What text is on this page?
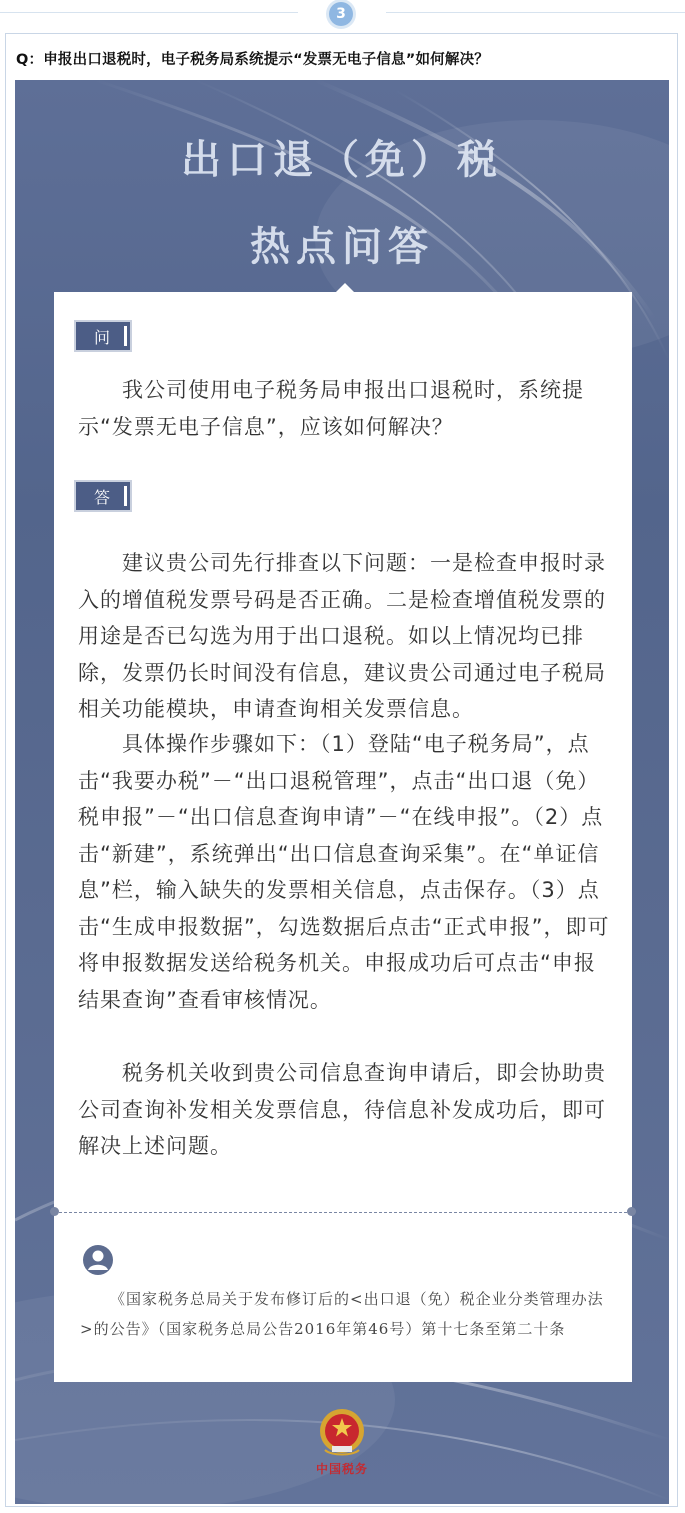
3
Q：申报出口退税时，电子税务局系统提示“发票无电子信息”如何解决？
出口退（免）税
热点问答
问
我公司使用电子税务局申报出口退税时，系统提示“发票无电子信息”，应该如何解决？
答
建议贵公司先行排查以下问题：一是检查申报时录入的增值税发票号码是否正确。二是检查增值税发票的用途是否已勾选为用于出口退税。如以上情况均已排除，发票仍长时间没有信息，建议贵公司通过电子税局相关功能模块，申请查询相关发票信息。
具体操作步骤如下：（1）登陆“电子税务局”，点击“我要办税”－“出口退税管理”，点击“出口退（免）税申报”－“出口信息查询申请”－“在线申报”。（2）点击“新建”，系统弹出“出口信息查询采集”。在“单证信息”栏，输入缺失的发票相关信息，点击保存。（3）点击“生成申报数据”，勾选数据后点击“正式申报”，即可将申报数据发送给税务机关。申报成功后可点击“申报结果查询”查看审核情况。
税务机关收到贵公司信息查询申请后，即会协助贵公司查询补发相关发票信息，待信息补发成功后，即可解决上述问题。
《国家税务总局关于发布修订后的<出口退（免）税企业分类管理办法>的公告》（国家税务总局公告2016年第46号）第十七条至第二十条
中国税务
